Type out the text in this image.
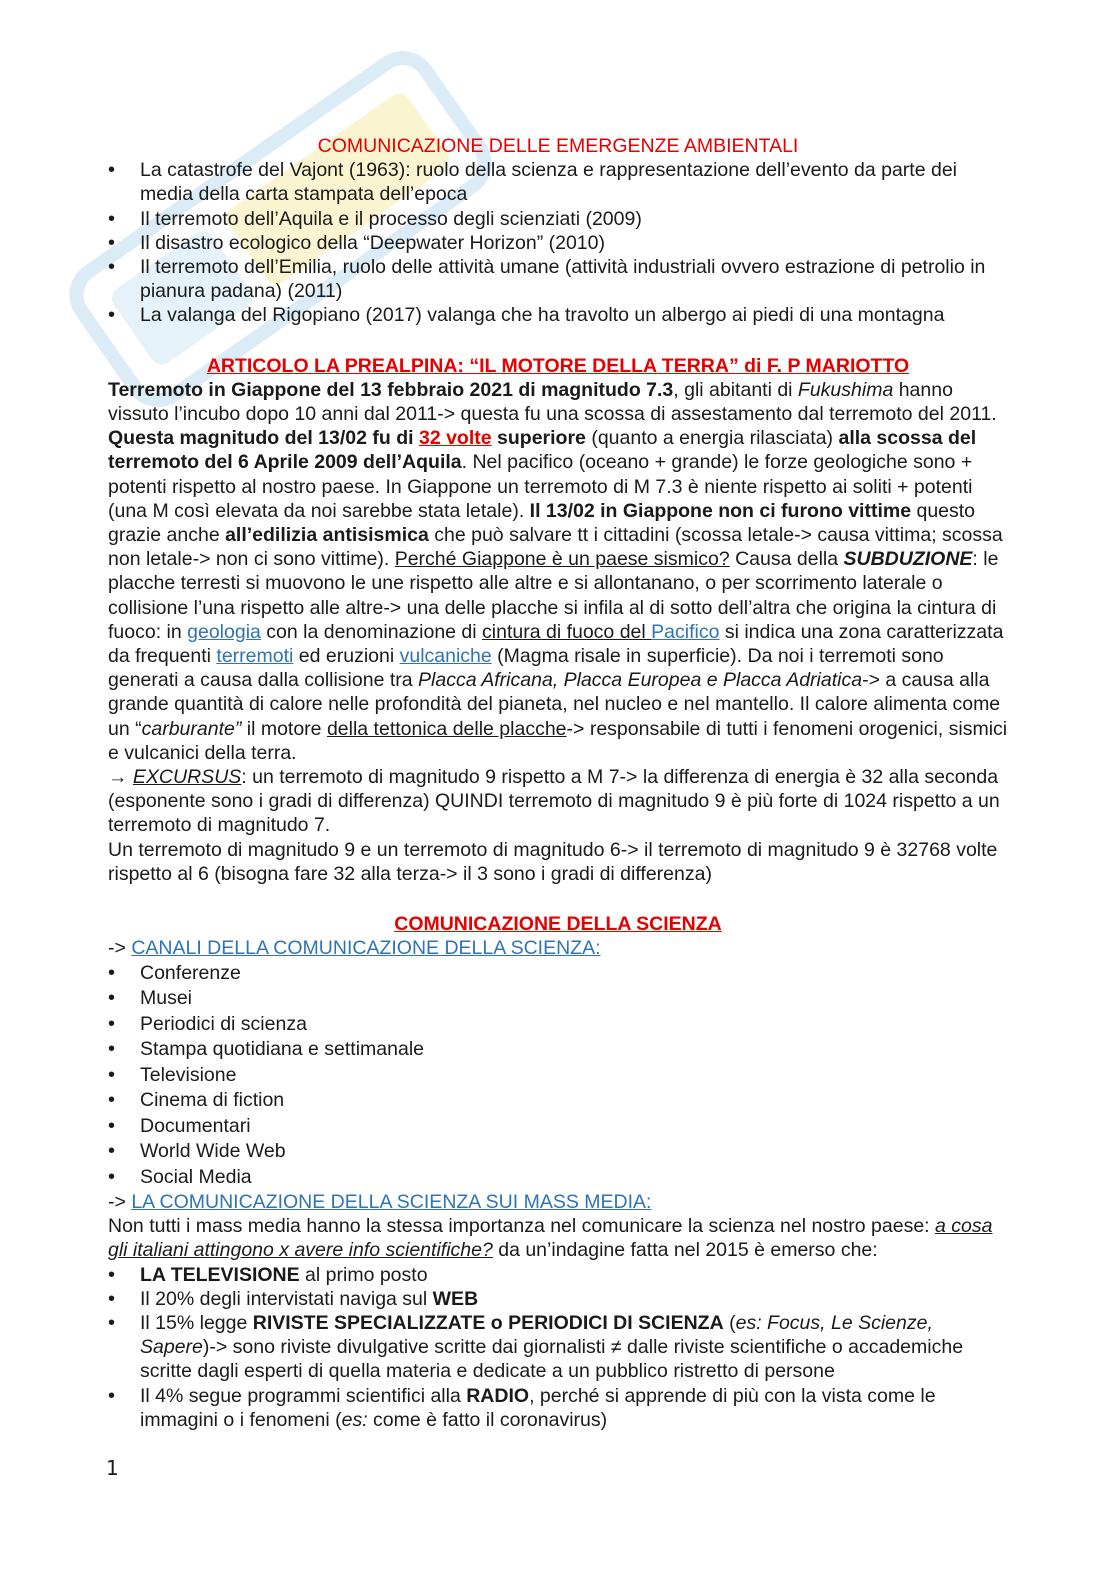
COMUNICAZIONE DELLE EMERGENZE AMBIENTALI
• La catastrofe del Vajont (1963): ruolo della scienza e rappresentazione dell’evento da parte dei media della carta stampata dell’epoca
• Il terremoto dell’Aquila e il processo degli scienziati (2009)
• Il disastro ecologico della “Deepwater Horizon” (2010)
• Il terremoto dell’Emilia, ruolo delle attività umane (attività industriali ovvero estrazione di petrolio in pianura padana) (2011)
• La valanga del Rigopiano (2017) valanga che ha travolto un albergo ai piedi di una montagna
ARTICOLO LA PREALPINA: “IL MOTORE DELLA TERRA” di F. P MARIOTTO

Terremoto in Giappone del 13 febbraio 2021 di magnitudo 7.3, gli abitanti di Fukushima hanno vissuto l’incubo dopo 10 anni dal 2011-> questa fu una scossa di assestamento dal terremoto del 2011. Questa magnitudo del 13/02 fu di 32 volte superiore (quanto a energia rilasciata) alla scossa del terremoto del 6 Aprile 2009 dell’Aquila. Nel pacifico (oceano + grande) le forze geologiche sono + potenti rispetto al nostro paese. In Giappone un terremoto di M 7.3 è niente rispetto ai soliti + potenti (una M così elevata da noi sarebbe stata letale). Il 13/02 in Giappone non ci furono vittime questo grazie anche all’edilizia antisismica che può salvare tt i cittadini (scossa letale-> causa vittima; scossa non letale-> non ci sono vittime). Perché Giappone è un paese sismico? Causa della SUBDUZIONE: le placche terresti si muovono le une rispetto alle altre e si allontanano, o per scorrimento laterale o collisione l’una rispetto alle altre-> una delle placche si infila al di sotto dell’altra che origina la cintura di fuoco: in geologia con la denominazione di cintura di fuoco del Pacifico si indica una zona caratterizzata da frequenti terremoti ed eruzioni vulcaniche (Magma risale in superficie). Da noi i terremoti sono generati a causa dalla collisione tra Placca Africana, Placca Europea e Placca Adriatica-> a causa alla grande quantità di calore nelle profondità del pianeta, nel nucleo e nel mantello. Il calore alimenta come un “carburante” il motore della tettonica delle placche-> responsabile di tutti i fenomeni orogenici, sismici e vulcanici della terra.

→ EXCURSUS: un terremoto di magnitudo 9 rispetto a M 7-> la differenza di energia è 32 alla seconda (esponente sono i gradi di differenza) QUINDI terremoto di magnitudo 9 è più forte di 1024 rispetto a un terremoto di magnitudo 7.

Un terremoto di magnitudo 9 e un terremoto di magnitudo 6-> il terremoto di magnitudo 9 è 32768 volte rispetto al 6 (bisogna fare 32 alla terza-> il 3 sono i gradi di differenza)

COMUNICAZIONE DELLA SCIENZA

-> CANALI DELLA COMUNICAZIONE DELLA SCIENZA:

• Conferenze
• Musei
• Periodici di scienza
• Stampa quotidiana e settimanale
• Televisione
• Cinema di fiction
• Documentari
• World Wide Web
• Social Media

-> LA COMUNICAZIONE DELLA SCIENZA SUI MASS MEDIA:

Non tutti i mass media hanno la stessa importanza nel comunicare la scienza nel nostro paese: a cosa gli italiani attingono x avere info scientifiche? da un’indagine fatta nel 2015 è emerso che:

• LA TELEVISIONE al primo posto
• Il 20% degli intervistati naviga sul WEB
• Il 15% legge RIVISTE SPECIALIZZATE o PERIODICI DI SCIENZA (es: Focus, Le Scienze, Sapere)-> sono riviste divulgative scritte dai giornalisti ≠ dalle riviste scientifiche o accademiche scritte dagli esperti di quella materia e dedicate a un pubblico ristretto di persone
• Il 4% segue programmi scientifici alla RADIO, perché si apprende di più con la vista come le immagini o i fenomeni (es: come è fatto il coronavirus)
1
